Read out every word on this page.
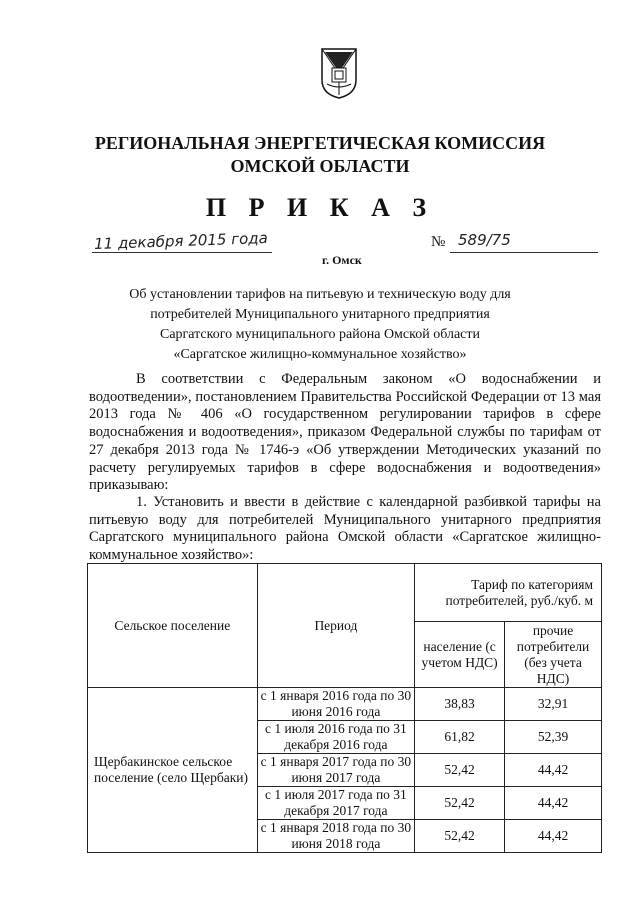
РЕГИОНАЛЬНАЯ ЭНЕРГЕТИЧЕСКАЯ КОМИССИЯ
ОМСКОЙ ОБЛАСТИ
П Р И К А З
11 декабря 2015 года
г. Омск
№ 589/75
Об установлении тарифов на питьевую и техническую воду для
потребителей Муниципального унитарного предприятия
Саргатского муниципального района Омской области
«Саргатское жилищно-коммунальное хозяйство»
В соответствии с Федеральным законом «О водоснабжении и водоотведении», постановлением Правительства Российской Федерации от 13 мая 2013 года № 406 «О государственном регулировании тарифов в сфере водоснабжения и водоотведения», приказом Федеральной службы по тарифам от 27 декабря 2013 года № 1746-э «Об утверждении Методических указаний по расчету регулируемых тарифов в сфере водоснабжения и водоотведения» приказываю:
1. Установить и ввести в действие с календарной разбивкой тарифы на питьевую воду для потребителей Муниципального унитарного предприятия Саргатского муниципального района Омской области «Саргатское жилищно-коммунальное хозяйство»:
Сельское поселение	Период	Тариф по категориям потребителей, руб./куб. м	
		население (с учетом НДС)	прочие потребители (без учета НДС)
Щербакинское сельское поселение (село Щербаки)	с 1 января 2016 года по 30 июня 2016 года	38,83	32,91
	с 1 июля 2016 года по 31 декабря 2016 года	61,82	52,39
	с 1 января 2017 года по 30 июня 2017 года	52,42	44,42
	с 1 июля 2017 года по 31 декабря 2017 года	52,42	44,42
	с 1 января 2018 года по 30 июня 2018 года	52,42	44,42
